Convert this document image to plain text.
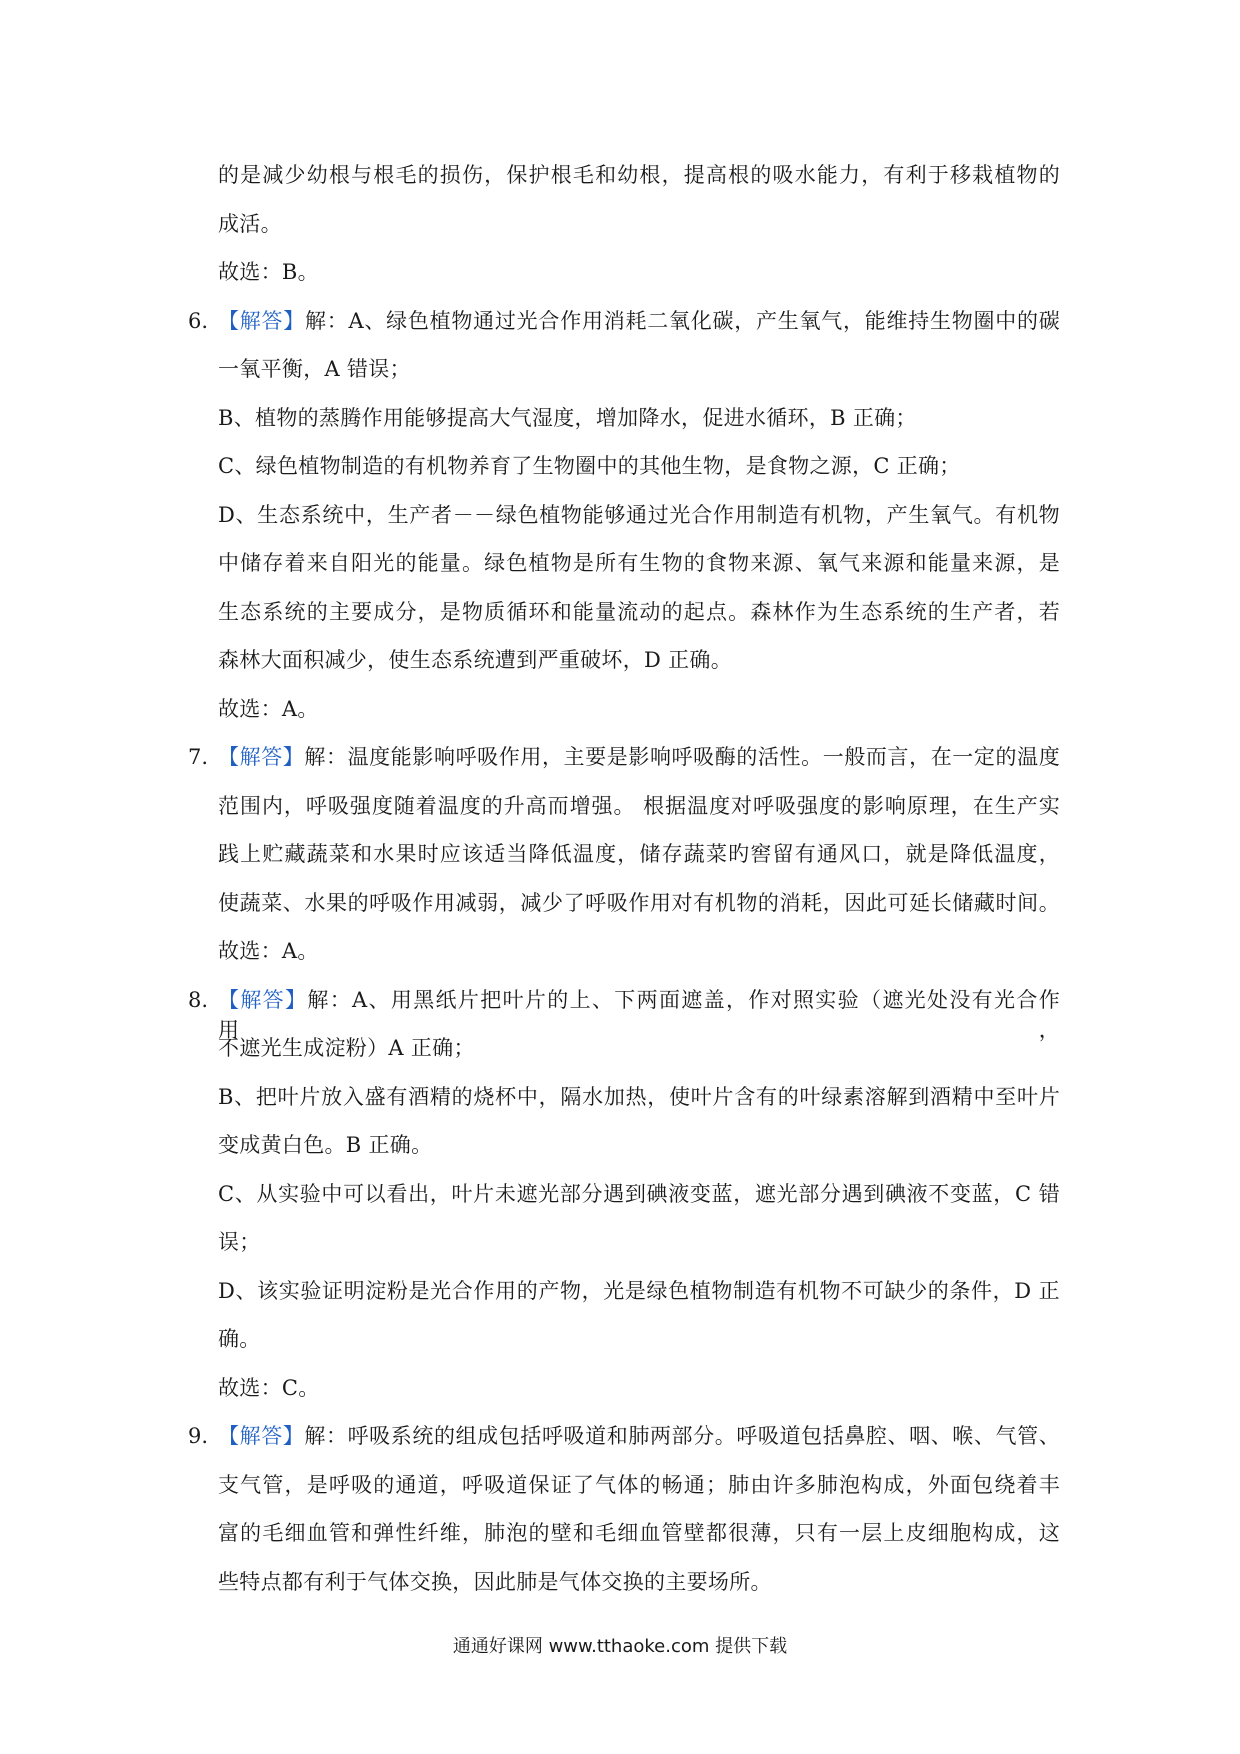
的是减少幼根与根毛的损伤，保护根毛和幼根，提高根的吸水能力，有利于移栽植物的
成活。
故选：B。
6. 【解答】解：A、绿色植物通过光合作用消耗二氧化碳，产生氧气，能维持生物圈中的碳
一氧平衡，A 错误；
B、植物的蒸腾作用能够提高大气湿度，增加降水，促进水循环，B 正确；
C、绿色植物制造的有机物养育了生物圈中的其他生物，是食物之源，C 正确；
D、生态系统中，生产者－－绿色植物能够通过光合作用制造有机物，产生氧气。有机物
中储存着来自阳光的能量。绿色植物是所有生物的食物来源、氧气来源和能量来源，是
生态系统的主要成分，是物质循环和能量流动的起点。森林作为生态系统的生产者，若
森林大面积减少，使生态系统遭到严重破坏，D 正确。
故选：A。
7. 【解答】解：温度能影响呼吸作用，主要是影响呼吸酶的活性。一般而言，在一定的温度
范围内，呼吸强度随着温度的升高而增强。 根据温度对呼吸强度的影响原理，在生产实
践上贮藏蔬菜和水果时应该适当降低温度，储存蔬菜旳窖留有通风口，就是降低温度，
使蔬菜、水果的呼吸作用减弱，减少了呼吸作用对有机物的消耗，因此可延长储藏时间。
故选：A。
8. 【解答】解：A、用黑纸片把叶片的上、下两面遮盖，作对照实验（遮光处没有光合作用，
不遮光生成淀粉）A 正确；
B、把叶片放入盛有酒精的烧杯中，隔水加热，使叶片含有的叶绿素溶解到酒精中至叶片
变成黄白色。B 正确。
C、从实验中可以看出，叶片未遮光部分遇到碘液变蓝，遮光部分遇到碘液不变蓝，C 错
误；
D、该实验证明淀粉是光合作用的产物，光是绿色植物制造有机物不可缺少的条件，D 正
确。
故选：C。
9. 【解答】解：呼吸系统的组成包括呼吸道和肺两部分。呼吸道包括鼻腔、咽、喉、气管、
支气管，是呼吸的通道，呼吸道保证了气体的畅通；肺由许多肺泡构成，外面包绕着丰
富的毛细血管和弹性纤维，肺泡的壁和毛细血管壁都很薄，只有一层上皮细胞构成，这
些特点都有利于气体交换，因此肺是气体交换的主要场所。
通通好课网 www.tthaoke.com 提供下载
